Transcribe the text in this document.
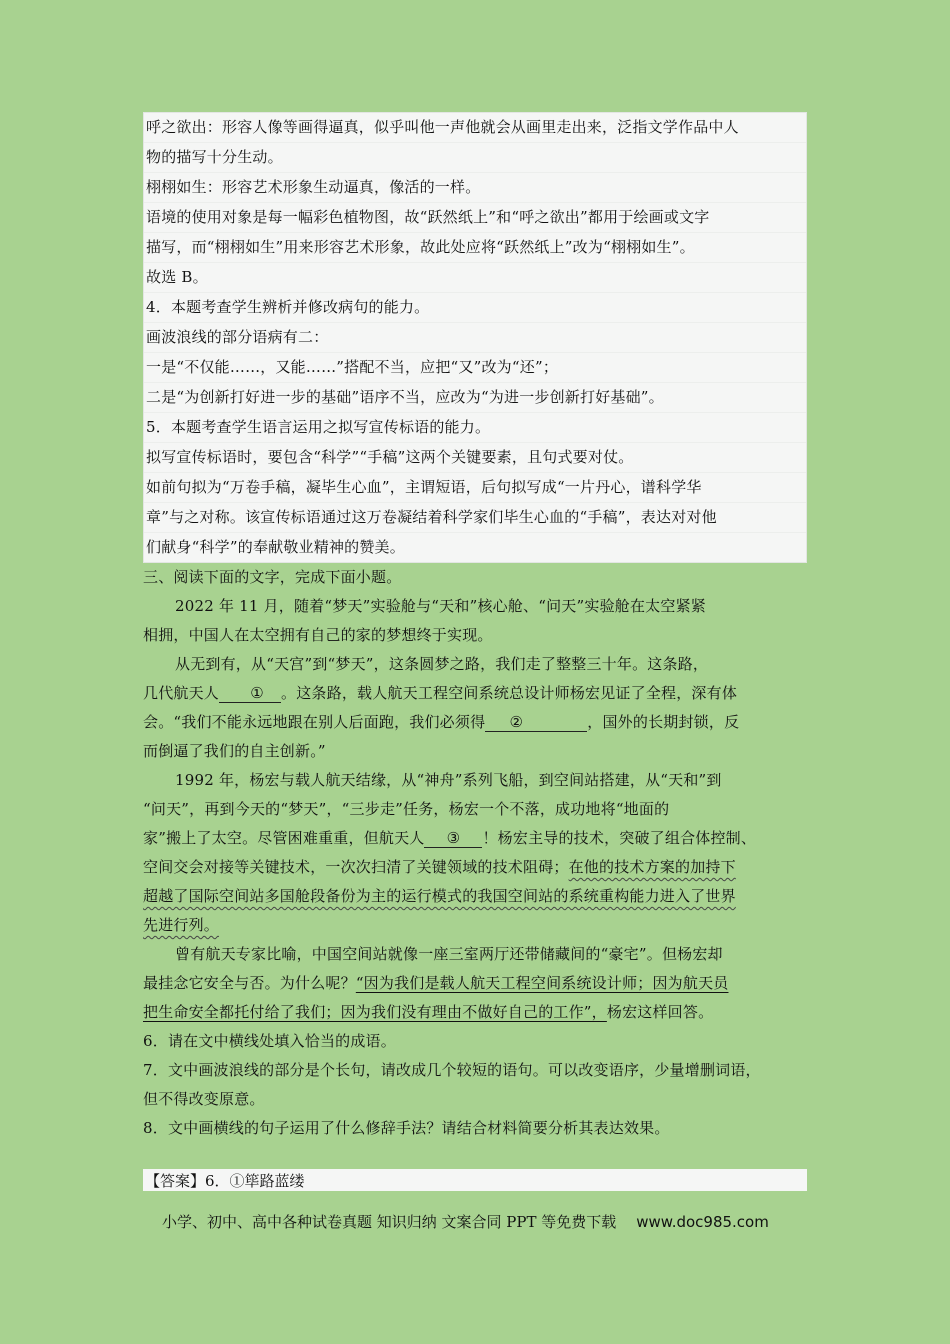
呼之欲出：形容人像等画得逼真，似乎叫他一声他就会从画里走出来，泛指文学作品中人
物的描写十分生动。
栩栩如生：形容艺术形象生动逼真，像活的一样。
语境的使用对象是每一幅彩色植物图，故“跃然纸上”和“呼之欲出”都用于绘画或文字
描写，而“栩栩如生”用来形容艺术形象，故此处应将“跃然纸上”改为“栩栩如生”。
故选 B。
4．本题考查学生辨析并修改病句的能力。
画波浪线的部分语病有二：
一是“不仅能……，又能……”搭配不当，应把“又”改为“还”；
二是“为创新打好进一步的基础”语序不当，应改为“为进一步创新打好基础”。
5．本题考查学生语言运用之拟写宣传标语的能力。
拟写宣传标语时，要包含“科学”“手稿”这两个关键要素，且句式要对仗。
如前句拟为“万卷手稿，凝毕生心血”，主谓短语，后句拟写成“一片丹心，谱科学华
章”与之对称。该宣传标语通过这万卷凝结着科学家们毕生心血的“手稿”，表达对对他
们献身“科学”的奉献敬业精神的赞美。
三、阅读下面的文字，完成下面小题。
2022 年 11 月，随着“梦天”实验舱与“天和”核心舱、“问天”实验舱在太空紧紧
相拥，中国人在太空拥有自己的家的梦想终于实现。
从无到有，从“天宫”到“梦天”，这条圆梦之路，我们走了整整三十年。这条路，
几代航天人 ① 。这条路，载人航天工程空间系统总设计师杨宏见证了全程，深有体
会。“我们不能永远地跟在别人后面跑，我们必须得 ②	，国外的长期封锁，反
而倒逼了我们的自主创新。”
1992 年，杨宏与载人航天结缘，从“神舟”系列飞船，到空间站搭建，从“天和”到
“问天”，再到今天的“梦天”，“三步走”任务，杨宏一个不落，成功地将“地面的
家”搬上了太空。尽管困难重重，但航天人 ③ ！杨宏主导的技术，突破了组合体控制、
空间交会对接等关键技术，一次次扫清了关键领域的技术阻碍；在他的技术方案的加持下
超越了国际空间站多国舱段备份为主的运行模式的我国空间站的系统重构能力进入了世界
先进行列。
曾有航天专家比喻，中国空间站就像一座三室两厅还带储藏间的“豪宅”。但杨宏却
最挂念它安全与否。为什么呢？“因为我们是载人航天工程空间系统设计师；因为航天员
把生命安全都托付给了我们；因为我们没有理由不做好自己的工作”，杨宏这样回答。
6．请在文中横线处填入恰当的成语。
7．文中画波浪线的部分是个长句，请改成几个较短的语句。可以改变语序，少量增删词语，
但不得改变原意。
8．文中画横线的句子运用了什么修辞手法？请结合材料简要分析其表达效果。
【答案】6．①筚路蓝缕
小学、初中、高中各种试卷真题 知识归纳 文案合同 PPT 等免费下载 www.doc985.com
